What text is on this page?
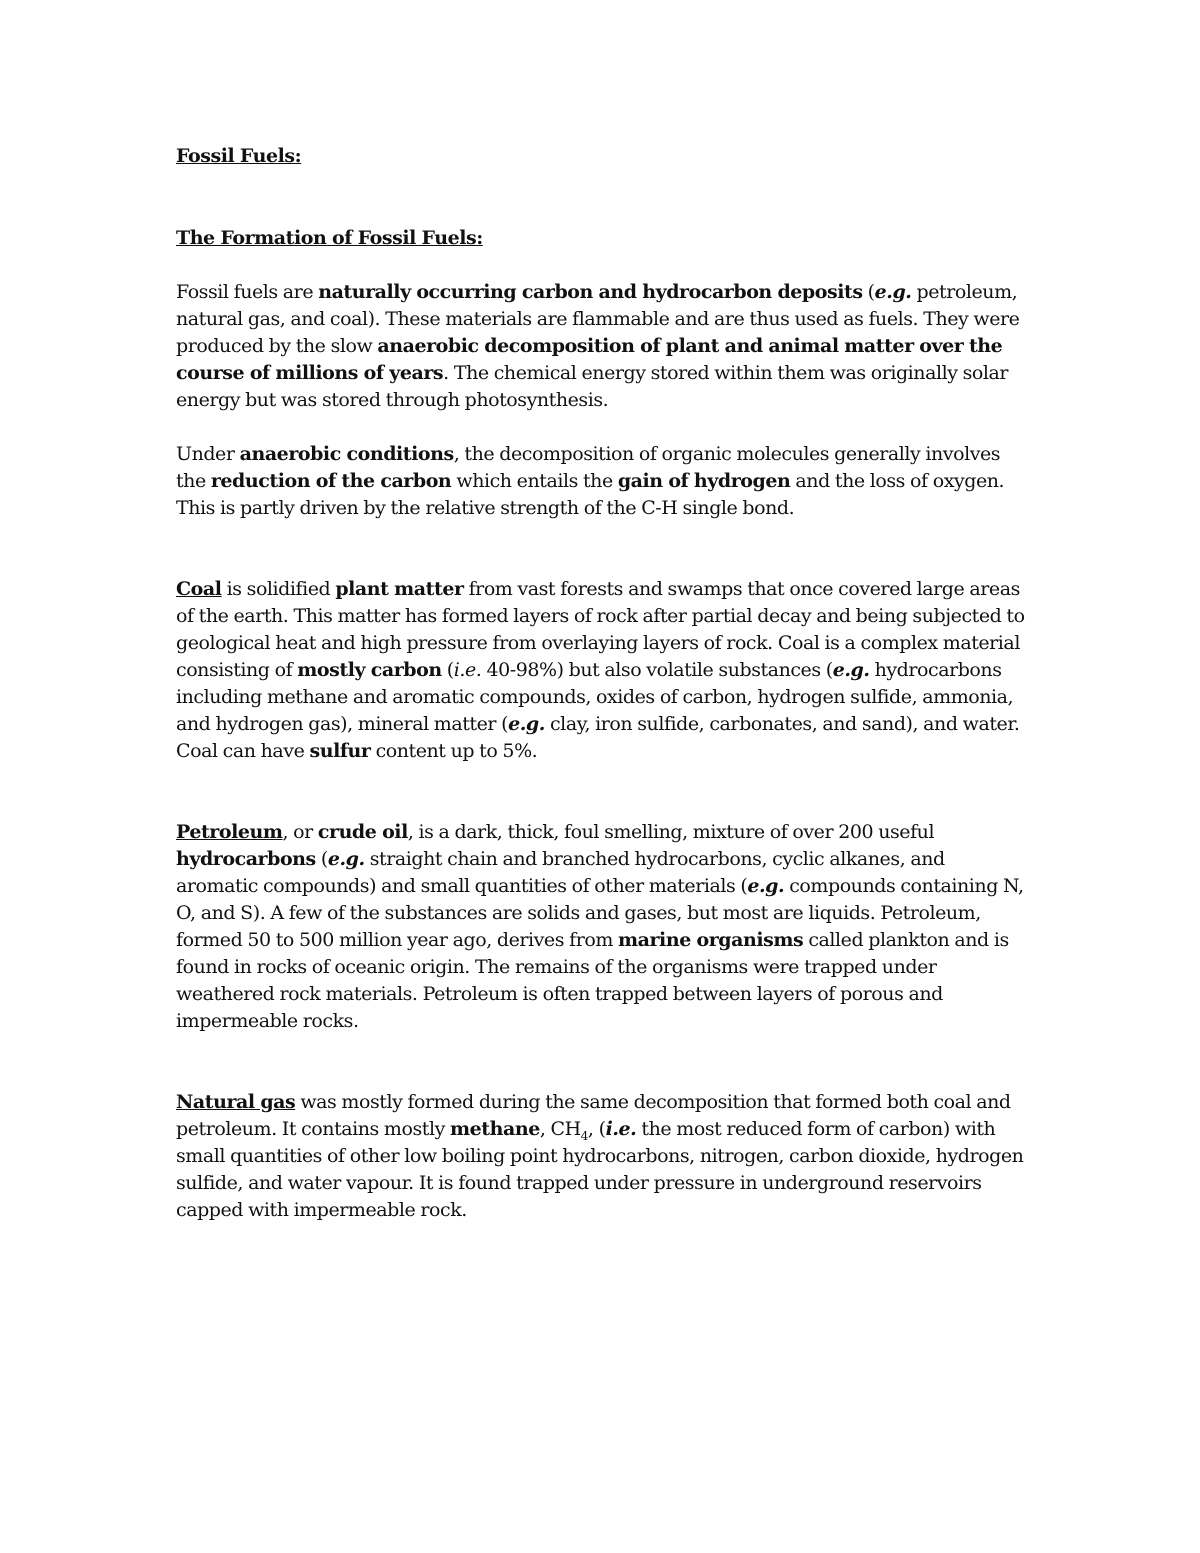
Fossil Fuels:

The Formation of Fossil Fuels:

Fossil fuels are naturally occurring carbon and hydrocarbon deposits (e.g. petroleum, natural gas, and coal). These materials are flammable and are thus used as fuels. They were produced by the slow anaerobic decomposition of plant and animal matter over the course of millions of years. The chemical energy stored within them was originally solar energy but was stored through photosynthesis.

Under anaerobic conditions, the decomposition of organic molecules generally involves the reduction of the carbon which entails the gain of hydrogen and the loss of oxygen. This is partly driven by the relative strength of the C-H single bond.

Coal is solidified plant matter from vast forests and swamps that once covered large areas of the earth. This matter has formed layers of rock after partial decay and being subjected to geological heat and high pressure from overlaying layers of rock. Coal is a complex material consisting of mostly carbon (i.e. 40-98%) but also volatile substances (e.g. hydrocarbons including methane and aromatic compounds, oxides of carbon, hydrogen sulfide, ammonia, and hydrogen gas), mineral matter (e.g. clay, iron sulfide, carbonates, and sand), and water. Coal can have sulfur content up to 5%.

Petroleum, or crude oil, is a dark, thick, foul smelling, mixture of over 200 useful hydrocarbons (e.g. straight chain and branched hydrocarbons, cyclic alkanes, and aromatic compounds) and small quantities of other materials (e.g. compounds containing N, O, and S). A few of the substances are solids and gases, but most are liquids. Petroleum, formed 50 to 500 million year ago, derives from marine organisms called plankton and is found in rocks of oceanic origin. The remains of the organisms were trapped under weathered rock materials. Petroleum is often trapped between layers of porous and impermeable rocks.

Natural gas was mostly formed during the same decomposition that formed both coal and petroleum. It contains mostly methane, $CH_4$, (i.e. the most reduced form of carbon) with small quantities of other low boiling point hydrocarbons, nitrogen, carbon dioxide, hydrogen sulfide, and water vapour. It is found trapped under pressure in underground reservoirs capped with impermeable rock.
